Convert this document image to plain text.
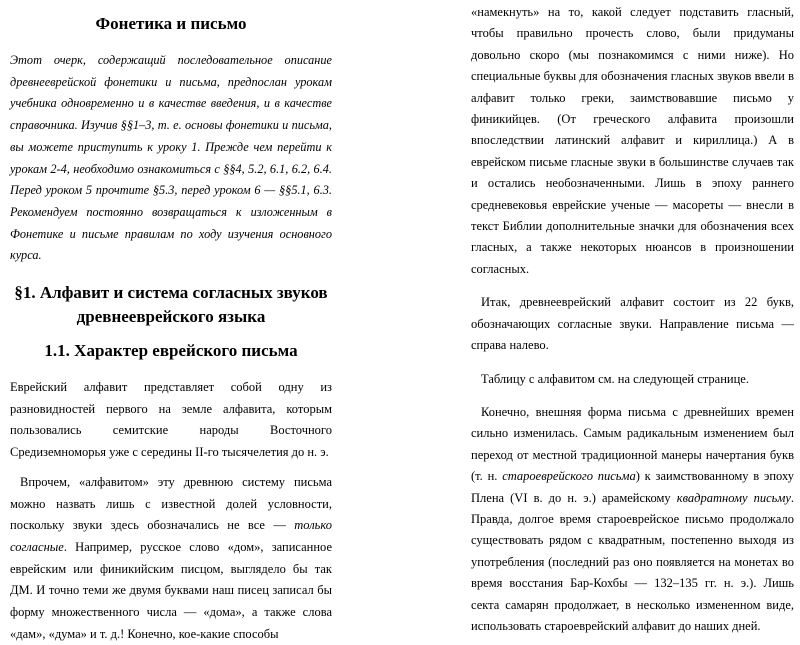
Фонетика и письмо

Этот очерк, содержащий последовательное описание древнееврейской фонетики и письма, предпослан урокам учебника одновременно и в качестве введения, и в качестве справочника. Изучив §§1–3, т. е. основы фонетики и письма, вы можете приступить к уроку 1. Прежде чем перейти к урокам 2-4, необходимо ознакомиться с §§4, 5.2, 6.1, 6.2, 6.4. Перед уроком 5 прочтите §5.3, перед уроком 6 — §§5.1, 6.3. Рекомендуем постоянно возвращаться к изложенным в Фонетике и письме правилам по ходу изучения основного курса.

§1. Алфавит и система согласных звуков древнееврейского языка
1.1. Характер еврейского письма

Еврейский алфавит представляет собой одну из разновидностей первого на земле алфавита, которым пользовались семитские народы Восточного Средиземноморья уже с середины II-го тысячелетия до н. э.

Впрочем, «алфавитом» эту древнюю систему письма можно назвать лишь с известной долей условности, поскольку звуки здесь обозначались не все — только согласные. Например, русское слово «дом», записанное еврейским или финикийским писцом, выглядело бы так ДМ. И точно теми же двумя буквами наш писец записал бы форму множественного числа — «дома», а также слова «дам», «дума» и т. д.! Конечно, кое-какие способы

«намекнуть» на то, какой следует подставить гласный, чтобы правильно прочесть слово, были придуманы довольно скоро (мы познакомимся с ними ниже). Но специальные буквы для обозначения гласных звуков ввели в алфавит только греки, заимствовавшие письмо у финикийцев. (От греческого алфавита произошли впоследствии латинский алфавит и кириллица.) А в еврейском письме гласные звуки в большинстве случаев так и остались необозначенными. Лишь в эпоху раннего средневековья еврейские ученые — масореты — внесли в текст Библии дополнительные значки для обозначения всех гласных, а также некоторых нюансов в произношении согласных.

Итак, древнееврейский алфавит состоит из 22 букв, обозначающих согласные звуки. Направление письма — справа налево.

Таблицу с алфавитом см. на следующей странице.

Конечно, внешняя форма письма с древнейших времен сильно изменилась. Самым радикальным изменением был переход от местной традиционной манеры начертания букв (т. н. староеврейского письма) к заимствованному в эпоху Плена (VI в. до н. э.) арамейскому квадратному письму. Правда, долгое время староеврейское письмо продолжало существовать рядом с квадратным, постепенно выходя из употребления (последний раз оно появляется на монетах во время восстания Бар-Кохбы — 132–135 гг. н. э.). Лишь секта самарян продолжает, в несколько измененном виде, использовать староеврейский алфавит до наших дней.
